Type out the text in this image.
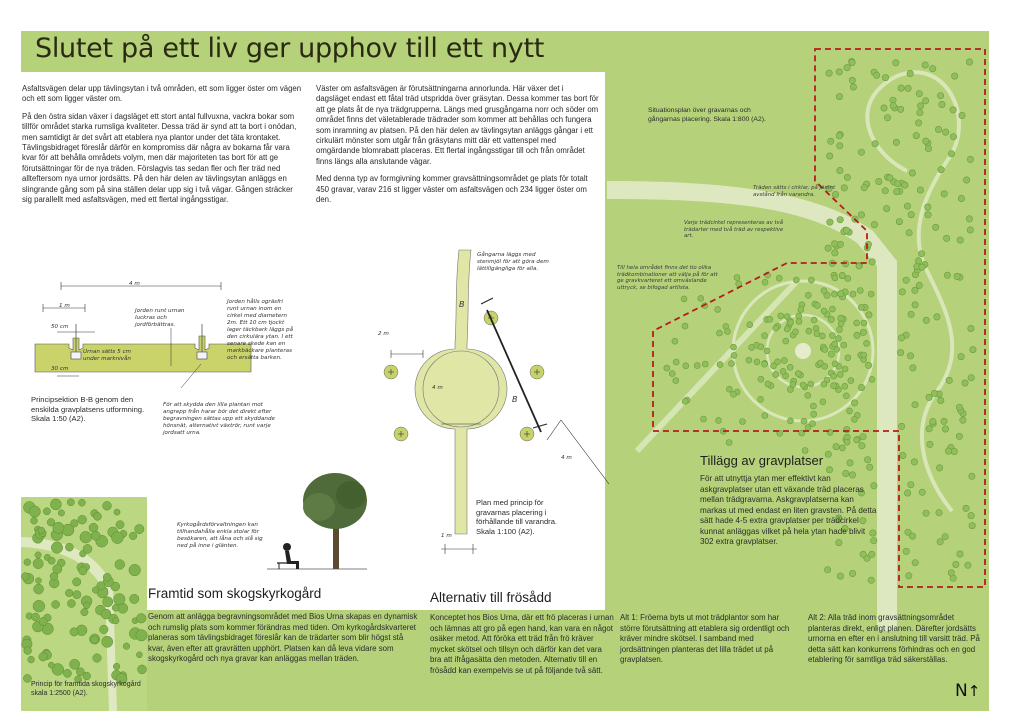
Slutet på ett liv ger upphov till ett nytt

Asfaltsvägen delar upp tävlingsytan i två områden, ett som ligger öster om vägen och ett som ligger väster om.

På den östra sidan växer i dagsläget ett stort antal fullvuxna, vackra bokar som tillför området starka rumsliga kvaliteter. Dessa träd är synd att ta bort i onödan, men samtidigt är det svårt att etablera nya plantor under det täta krontaket. Tävlingsbidraget föreslår därför en kompromiss där några av bokarna får vara kvar för att behålla områdets volym, men där majoriteten tas bort för att ge förutsättningar för de nya träden. Förslagvis tas sedan fler och fler träd ned allteftersom nya urnor jordsätts. På den här delen av tävlingsytan anläggs en slingrande gång som på sina ställen delar upp sig i två vägar. Gången sträcker sig parallellt med asfaltsvägen, med ett flertal ingångsstigar.

Väster om asfaltsvägen är förutsättningarna annorlunda. Här växer det i dagsläget endast ett fåtal träd utspridda över gräsytan. Dessa kommer tas bort för att ge plats åt de nya trädgrupperna. Längs med grusgångarna norr och söder om området finns det väletablerade trädrader som kommer att behållas och fungera som inramning av platsen. På den här delen av tävlingsytan anläggs gångar i ett cirkulärt mönster som utgår från gräsytans mitt där ett vattenspel med omgärdande blomrabatt placeras. Ett flertal ingångsstigar till och från området finns längs alla anslutande vägar.

Med denna typ av formgivning kommer gravsättningsområdet ge plats för totalt 450 gravar, varav 216 st ligger väster om asfaltsvägen och 234 ligger öster om den.

4 m
1 m
50 cm
30 cm
Urnan sätts 5 cm under marknivån
Jorden runt urnan luckras och jordförbättras.
Jorden hålls ogräsfri runt urnan inom en cirkel med diametern 2m. Ett 10 cm tjockt lager täckbark läggs på den cirkulära ytan. I ett senare skede kan en markbäckare planteras och ersätta barken.
För att skydda den lilla plantan mot angrepp från harar bör det direkt efter begravningen sättas upp ett skyddande hönsnät, alternativt växtrör, runt varje jordsatt urna.
Principsektion B-B genom den enskilda gravplatsens utformning. Skala 1:50 (A2).
Gångarna läggs med stenmjöl för att göra dem lättillgängliga för alla.
2 m
4 m
4 m
1 m
B
B
Plan med princip för gravarnas placering i förhållande till varandra. Skala 1:100 (A2).
Kyrkogårdsförvaltningen kan tillhandahålla enkla stolar för besökaren, att låna och slå sig ned på inne i glänten.
Situationsplan över gravarnas och gångarnas placering. Skala 1:800 (A2).
Träden sätts i cirklar, på jämnt avstånd från varandra.
Varje trädcirkel representeras av två trädarter med två träd av respektive art.
Till hela området finns det tio olika trädkombinationer att välja på för att ge gravkvarteret ett omväxlande uttryck, se bifogad artlista.
Tillägg av gravplatser
För att utnyttja ytan mer effektivt kan askgravplatser utan ett växande träd placeras mellan trädgravarna. Askgravplatserna kan markas ut med endast en liten gravsten. På detta sätt hade 4-5 extra gravplatser per trädcirkel kunnat anläggas vilket på hela ytan hade blivit 302 extra gravplatser.
Princip för framtida skogskyrkogård skala 1:2500 (A2).
Framtid som skogskyrkogård
Genom att anlägga begravningsområdet med Bios Urna skapas en dynamisk och rumslig plats som kommer förändras med tiden. Om kyrkogårdskvarteret planeras som tävlingsbidraget föreslår kan de trädarter som blir högst stå kvar, även efter att gravrätten upphört. Platsen kan då leva vidare som skogskyrkogård och nya gravar kan anläggas mellan träden.
Alternativ till frösådd
Konceptet hos Bios Urna, där ett frö placeras i urnan och lämnas att gro på egen hand, kan vara en något osäker metod. Att föröka ett träd från frö kräver mycket skötsel och tillsyn och därför kan det vara bra att ifrågasätta den metoden. Alternativ till en frösådd kan exempelvis se ut på följande två sätt.
Alt 1: Fröerna byts ut mot trädplantor som har större förutsättning att etablera sig ordentligt och kräver mindre skötsel. I samband med jordsättningen planteras det lilla trädet ut på gravplatsen.
Alt 2: Alla träd inom gravsättningsområdet planteras direkt, enligt planen. Därefter jordsätts urnorna en efter en i anslutning till varsitt träd. På detta sätt kan konkurrens förhindras och en god etablering för samtliga träd säkerställas.
N↑
